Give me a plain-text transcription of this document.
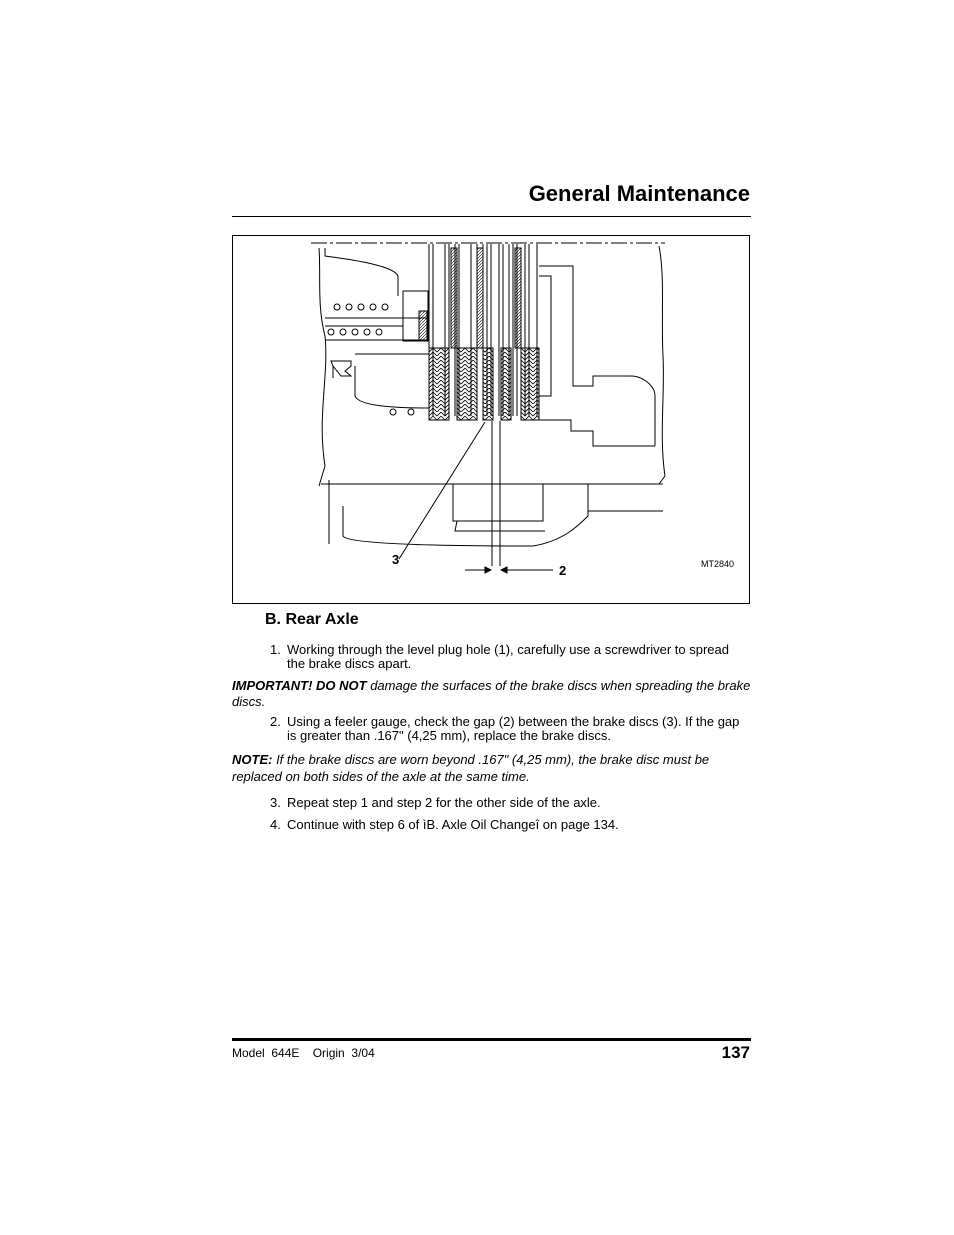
General Maintenance
3
2	MT2840
B. Rear Axle
1. Working through the level plug hole (1), carefully use a screwdriver to spread the brake discs apart.
IMPORTANT! DO NOT damage the surfaces of the brake discs when spreading the brake discs.
2. Using a feeler gauge, check the gap (2) between the brake discs (3). If the gap is greater than .167" (4,25 mm), replace the brake discs.
NOTE: If the brake discs are worn beyond .167" (4,25 mm), the brake disc must be replaced on both sides of the axle at the same time.
3. Repeat step 1 and step 2 for the other side of the axle.
4. Continue with step 6 of ìB. Axle Oil Changeî on page 134.
Model  644E    Origin  3/04	137
